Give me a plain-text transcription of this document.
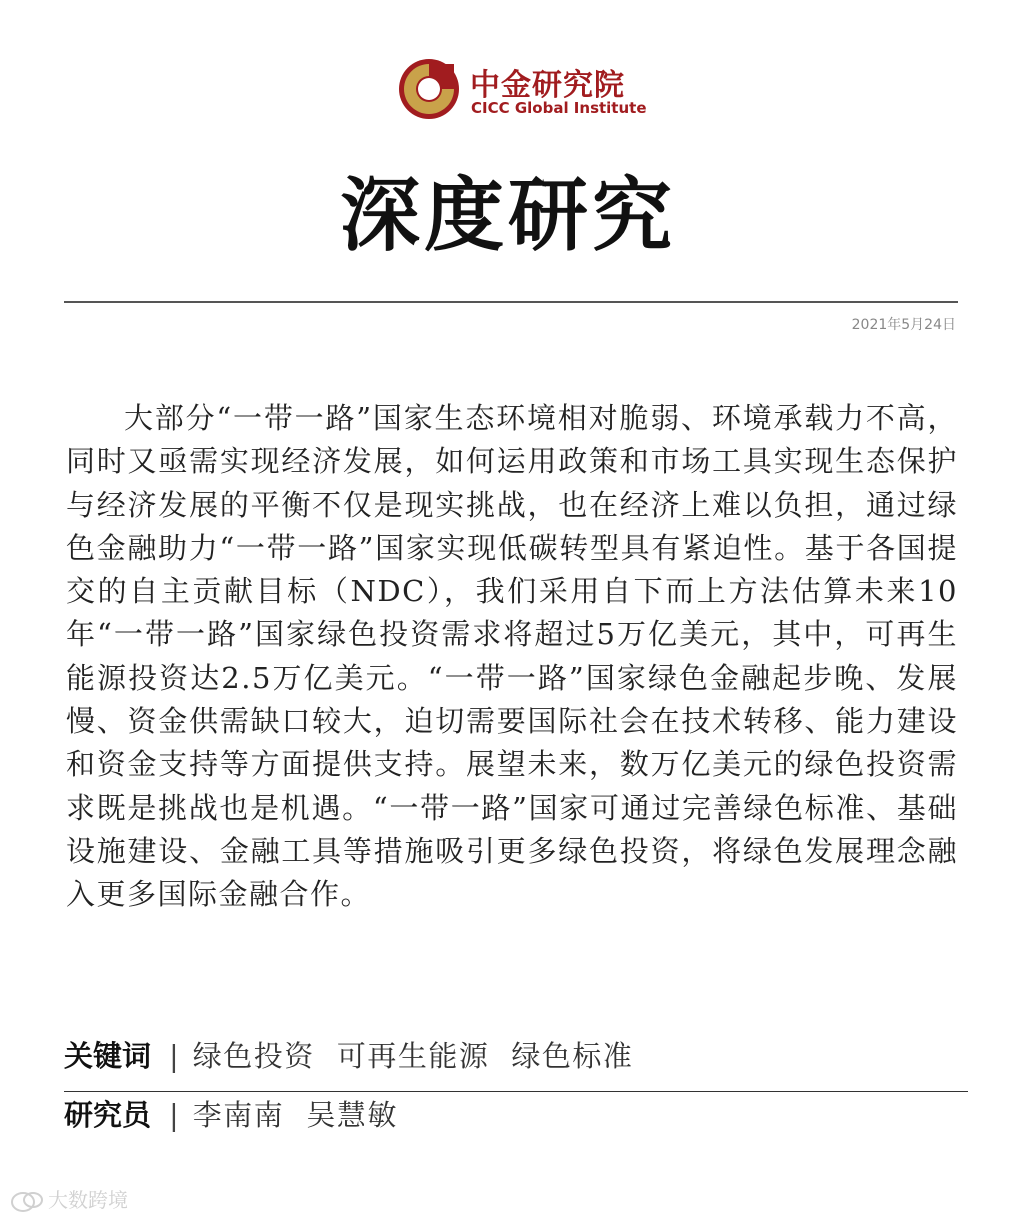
中金研究院
CICC Global Institute
深度研究
2021年5月24日

大部分“一带一路”国家生态环境相对脆弱、环境承载力不高，同时又亟需实现经济发展，如何运用政策和市场工具实现生态保护与经济发展的平衡不仅是现实挑战，也在经济上难以负担，通过绿色金融助力“一带一路”国家实现低碳转型具有紧迫性。基于各国提交的自主贡献目标（NDC），我们采用自下而上方法估算未来10年“一带一路”国家绿色投资需求将超过5万亿美元，其中，可再生能源投资达2.5万亿美元。“一带一路”国家绿色金融起步晚、发展慢、资金供需缺口较大，迫切需要国际社会在技术转移、能力建设和资金支持等方面提供支持。展望未来，数万亿美元的绿色投资需求既是挑战也是机遇。“一带一路”国家可通过完善绿色标准、基础设施建设、金融工具等措施吸引更多绿色投资，将绿色发展理念融入更多国际金融合作。

关键词 | 绿色投资 可再生能源 绿色标准
研究员 | 李南南 吴慧敏
大数跨境
